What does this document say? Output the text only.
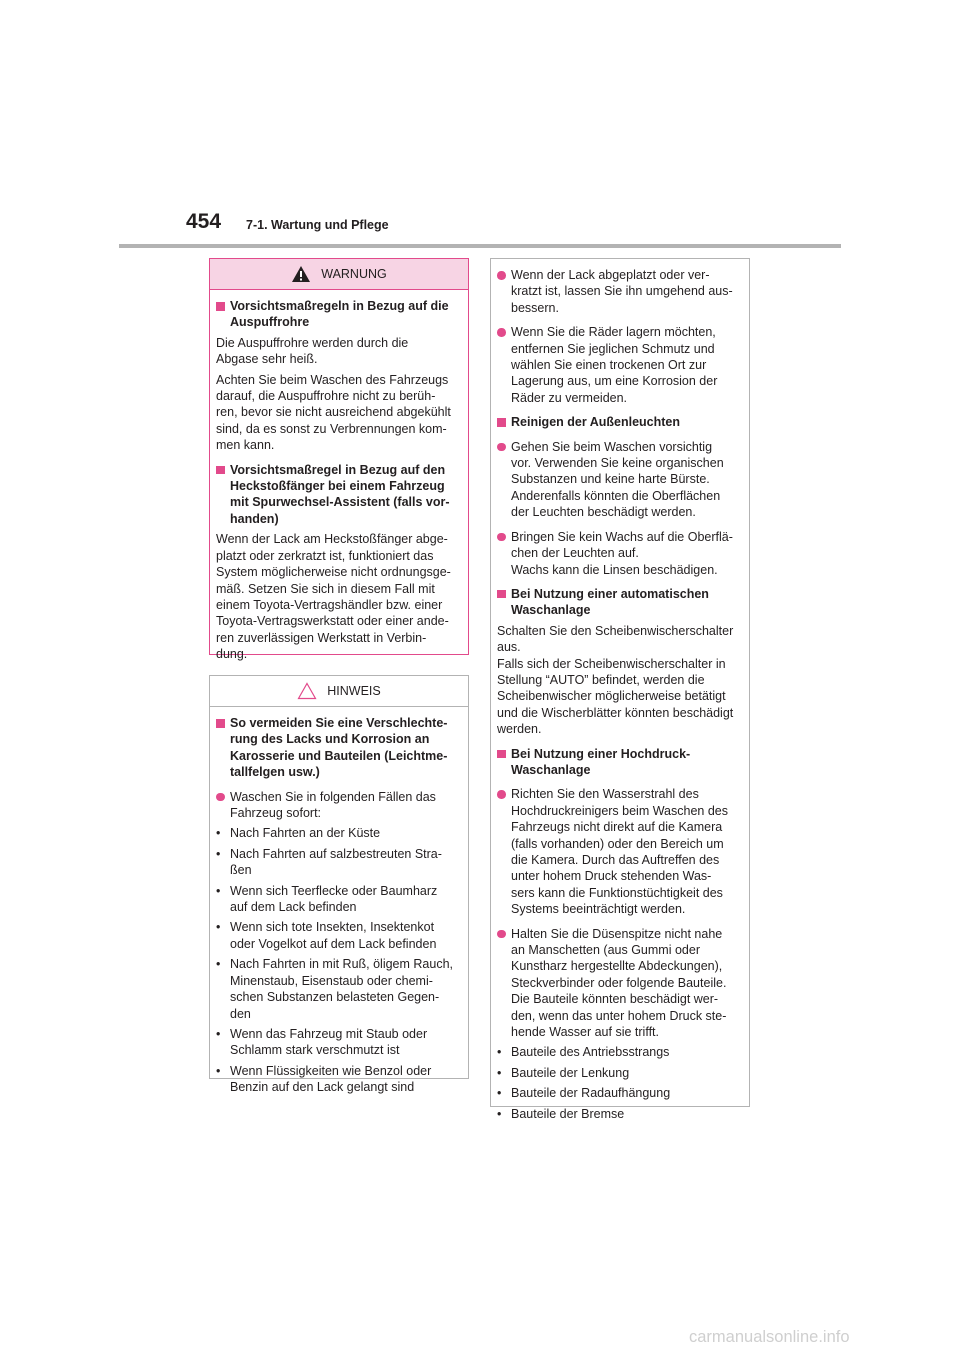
454 7-1. Wartung und Pflege
WARNUNG
Vorsichtsmaßregeln in Bezug auf die
Auspuffrohre
Die Auspuffrohre werden durch die
Abgase sehr heiß.
Achten Sie beim Waschen des Fahrzeugs
darauf, die Auspuffrohre nicht zu berüh-
ren, bevor sie nicht ausreichend abgekühlt
sind, da es sonst zu Verbrennungen kom-
men kann.
Vorsichtsmaßregel in Bezug auf den
Heckstoßfänger bei einem Fahrzeug
mit Spurwechsel-Assistent (falls vor-
handen)
Wenn der Lack am Heckstoßfänger abge-
platzt oder zerkratzt ist, funktioniert das
System möglicherweise nicht ordnungsge-
mäß. Setzen Sie sich in diesem Fall mit
einem Toyota-Vertragshändler bzw. einer
Toyota-Vertragswerkstatt oder einer ande-
ren zuverlässigen Werkstatt in Verbin-
dung.
HINWEIS
So vermeiden Sie eine Verschlechte-
rung des Lacks und Korrosion an
Karosserie und Bauteilen (Leichtme-
tallfelgen usw.)
Waschen Sie in folgenden Fällen das
Fahrzeug sofort:
• Nach Fahrten an der Küste
• Nach Fahrten auf salzbestreuten Stra-
ßen
• Wenn sich Teerflecke oder Baumharz
auf dem Lack befinden
• Wenn sich tote Insekten, Insektenkot
oder Vogelkot auf dem Lack befinden
• Nach Fahrten in mit Ruß, öligem Rauch,
Minenstaub, Eisenstaub oder chemi-
schen Substanzen belasteten Gegen-
den
• Wenn das Fahrzeug mit Staub oder
Schlamm stark verschmutzt ist
• Wenn Flüssigkeiten wie Benzol oder
Benzin auf den Lack gelangt sind
Wenn der Lack abgeplatzt oder ver-
kratzt ist, lassen Sie ihn umgehend aus-
bessern.
Wenn Sie die Räder lagern möchten,
entfernen Sie jeglichen Schmutz und
wählen Sie einen trockenen Ort zur
Lagerung aus, um eine Korrosion der
Räder zu vermeiden.
Reinigen der Außenleuchten
Gehen Sie beim Waschen vorsichtig
vor. Verwenden Sie keine organischen
Substanzen und keine harte Bürste.
Anderenfalls könnten die Oberflächen
der Leuchten beschädigt werden.
Bringen Sie kein Wachs auf die Oberflä-
chen der Leuchten auf.
Wachs kann die Linsen beschädigen.
Bei Nutzung einer automatischen
Waschanlage
Schalten Sie den Scheibenwischerschalter
aus.
Falls sich der Scheibenwischerschalter in
Stellung “AUTO” befindet, werden die
Scheibenwischer möglicherweise betätigt
und die Wischerblätter könnten beschädigt
werden.
Bei Nutzung einer Hochdruck-
Waschanlage
Richten Sie den Wasserstrahl des
Hochdruckreinigers beim Waschen des
Fahrzeugs nicht direkt auf die Kamera
(falls vorhanden) oder den Bereich um
die Kamera. Durch das Auftreffen des
unter hohem Druck stehenden Was-
sers kann die Funktionstüchtigkeit des
Systems beeinträchtigt werden.
Halten Sie die Düsenspitze nicht nahe
an Manschetten (aus Gummi oder
Kunstharz hergestellte Abdeckungen),
Steckverbinder oder folgende Bauteile.
Die Bauteile könnten beschädigt wer-
den, wenn das unter hohem Druck ste-
hende Wasser auf sie trifft.
• Bauteile des Antriebsstrangs
• Bauteile der Lenkung
• Bauteile der Radaufhängung
• Bauteile der Bremse
carmanualsonline.info
